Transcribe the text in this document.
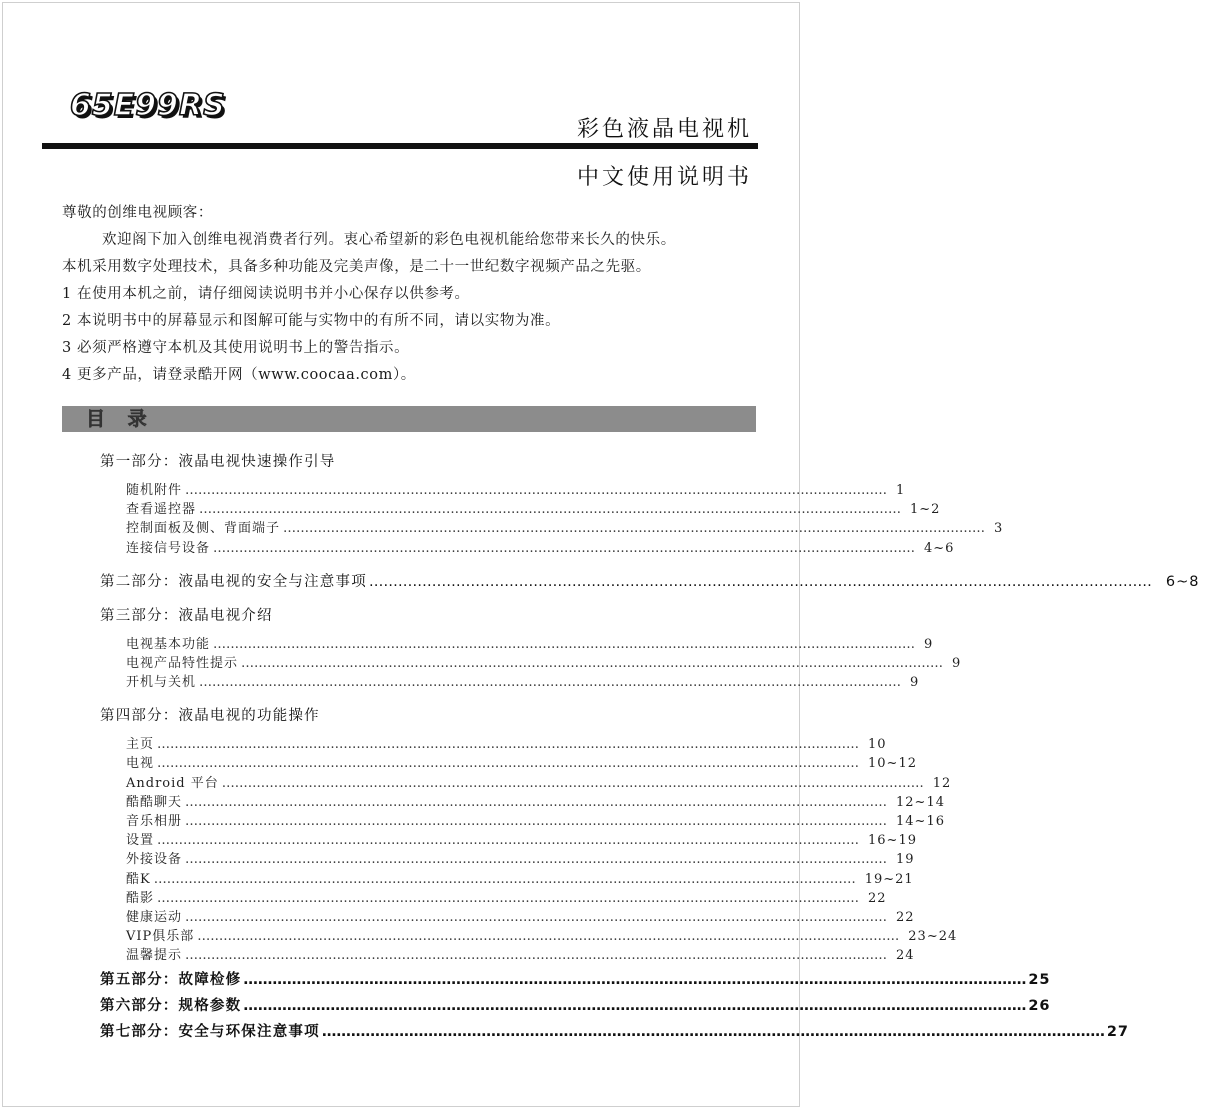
65E99RS
彩色液晶电视机
中文使用说明书

尊敬的创维电视顾客：

欢迎阁下加入创维电视消费者行列。衷心希望新的彩色电视机能给您带来长久的快乐。

本机采用数字处理技术，具备多种功能及完美声像，是二十一世纪数字视频产品之先驱。

1 在使用本机之前，请仔细阅读说明书并小心保存以供参考。

2 本说明书中的屏幕显示和图解可能与实物中的有所不同，请以实物为准。

3 必须严格遵守本机及其使用说明书上的警告指示。

4 更多产品，请登录酷开网（www.coocaa.com）。

目 录
第一部分：液晶电视快速操作引导
随机附件 ……………………………………………………………………………………………………………………………………………… 1
查看遥控器 ……………………………………………………………………………………………………………………………………………… 1~2
控制面板及侧、背面端子 ……………………………………………………………………………………………………………………………………………… 3
连接信号设备 ……………………………………………………………………………………………………………………………………………… 4~6
第二部分：液晶电视的安全与注意事项 ……………………………………………………………………………………………………………………………………………… 6~8
第三部分：液晶电视介绍
电视基本功能 ……………………………………………………………………………………………………………………………………………… 9
电视产品特性提示 ……………………………………………………………………………………………………………………………………………… 9
开机与关机 ……………………………………………………………………………………………………………………………………………… 9
第四部分：液晶电视的功能操作
主页 ……………………………………………………………………………………………………………………………………………… 10
电视 ……………………………………………………………………………………………………………………………………………… 10~12
Android 平台 ……………………………………………………………………………………………………………………………………………… 12
酷酷聊天 ……………………………………………………………………………………………………………………………………………… 12~14
音乐相册 ……………………………………………………………………………………………………………………………………………… 14~16
设置 ……………………………………………………………………………………………………………………………………………… 16~19
外接设备 ……………………………………………………………………………………………………………………………………………… 19
酷K ……………………………………………………………………………………………………………………………………………… 19~21
酷影 ……………………………………………………………………………………………………………………………………………… 22
健康运动 ……………………………………………………………………………………………………………………………………………… 22
VIP俱乐部 ……………………………………………………………………………………………………………………………………………… 23~24
温馨提示 ……………………………………………………………………………………………………………………………………………… 24
第五部分：故障检修 ……………………………………………………………………………………………………………………………………………… 25
第六部分：规格参数 ……………………………………………………………………………………………………………………………………………… 26
第七部分：安全与环保注意事项 ……………………………………………………………………………………………………………………………………………… 27
